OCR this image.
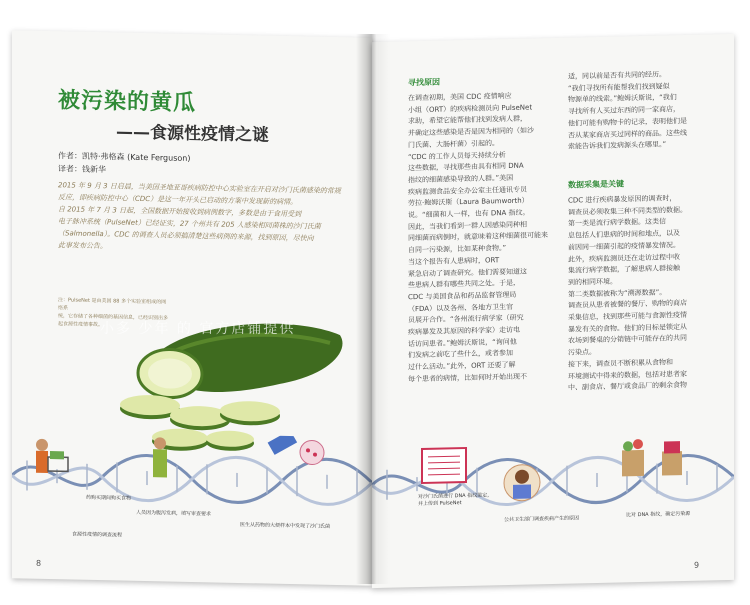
被污染的黄瓜
——食源性疫情之谜
作者：凯特·弗格森 (Kate Ferguson)
译者：钱新华
2015 年 9 月 3 日启晨，当美国圣地亚哥疾病防控中心实验室在开启对沙门氏菌感染的常规
反应，即疾病防控中心（CDC）是这一年开头已启动的方案中发现新的病情。
自 2015 年 7 月 3 日起，全国数据开始接收到病例数字，多数是由于食用受到
电子脉冲系统（PulseNet）已经证实，27 个州共有 205 人感染相同菌株的沙门氏菌
（Salmonella）。CDC 的调查人员必须搞清楚这些病例的来源，找到原因，尽快向
此事发布公告。
注：PulseNet 是由美国 88 多个实验室组成的网络系
统，它存储了各种细菌的基因信息，已经识别出多
起食源性疫情事故。
药购买期间购买食物
人员因为腹泻发病，填写审查要求
医生从药物的大便样本中发现了沙门氏菌
食源性疫情的调查流程
8
寻找原因
在调查初期，美国 CDC 疫情响应
小组（ORT）的疾病检测员向 PulseNet
求助，希望它能帮他们找到发病人群，
并确定这些感染是否是因为相同的（如沙
门氏菌、大肠杆菌）引起的。
“CDC 的工作人员每天持续分析
这些数据，寻找那些由具有相同 DNA
指纹的细菌感染导致的人群。”美国
疾病监测食品安全办公室主任通讯专员
劳拉·鲍姆沃斯（Laura Baumworth）
说。“细菌和人一样，也有 DNA 指纹。
因此，当我们看到一群人因感染同种相
同细菌而病倒时，就意味着这种细菌很可能来
自同一污染源，比如某种食物。”
当这个报告有人患病时，ORT
紧急启动了调查研究。他们需要知道这
些患病人群有哪些共同之处。于是，
CDC 与美国食品和药品监督管理局
（FDA）以及各州、各地方卫生官
员展开合作。“各州流行病学家（研究
疾病暴发及其原因的科学家）走访电
话访问患者。”鲍姆沃斯说，“询问他
们发病之前吃了些什么，或者参加
过什么活动。”此外，ORT 还要了解
每个患者的病情，比如何时开始出现不
适，同以前是否有共同的经历。
“我们寻找所有能帮我们找到疑似
物源单的线索。”鲍姆沃斯说，“我们
寻找所有人买过东西的同一家商店，
他们可能有购物卡的记录，表明他们是
否从某家商店买过同样的商品。这些线
索能告诉我们发病源头在哪里。”
数据采集是关键
CDC 进行疾病暴发原因的调查时，
调查员必须收集三种不同类型的数据。
第一类是流行病学数据。这类信
息包括人们患病的时间和地点，以及
前因同一细菌引起的疫情暴发情况。
此外，疾病监测员还在走访过程中收
集流行病学数据，了解患病人群接触
到的相同环境。
第二类数据被称为“溯源数据”。
调查员从患者被餐的餐厅、购物的商店
采集信息，找到那些可能与食源性疫情
暴发有关的食物。他们的目标是锁定从
农场到餐桌的分销链中可能存在的共同
污染点。
接下来，调查员不断积累从食物和
环境测试中得来的数据，包括对患者家
中、副食店、餐厅或食品厂的剩余食物
对沙门氏菌进行 DNA 指纹鉴定，
并上传到 PulseNet
公共卫生部门调查疾病产生的原因
比对 DNA 指纹，确定污染源
9
小多 少年 的 官方店铺提供
